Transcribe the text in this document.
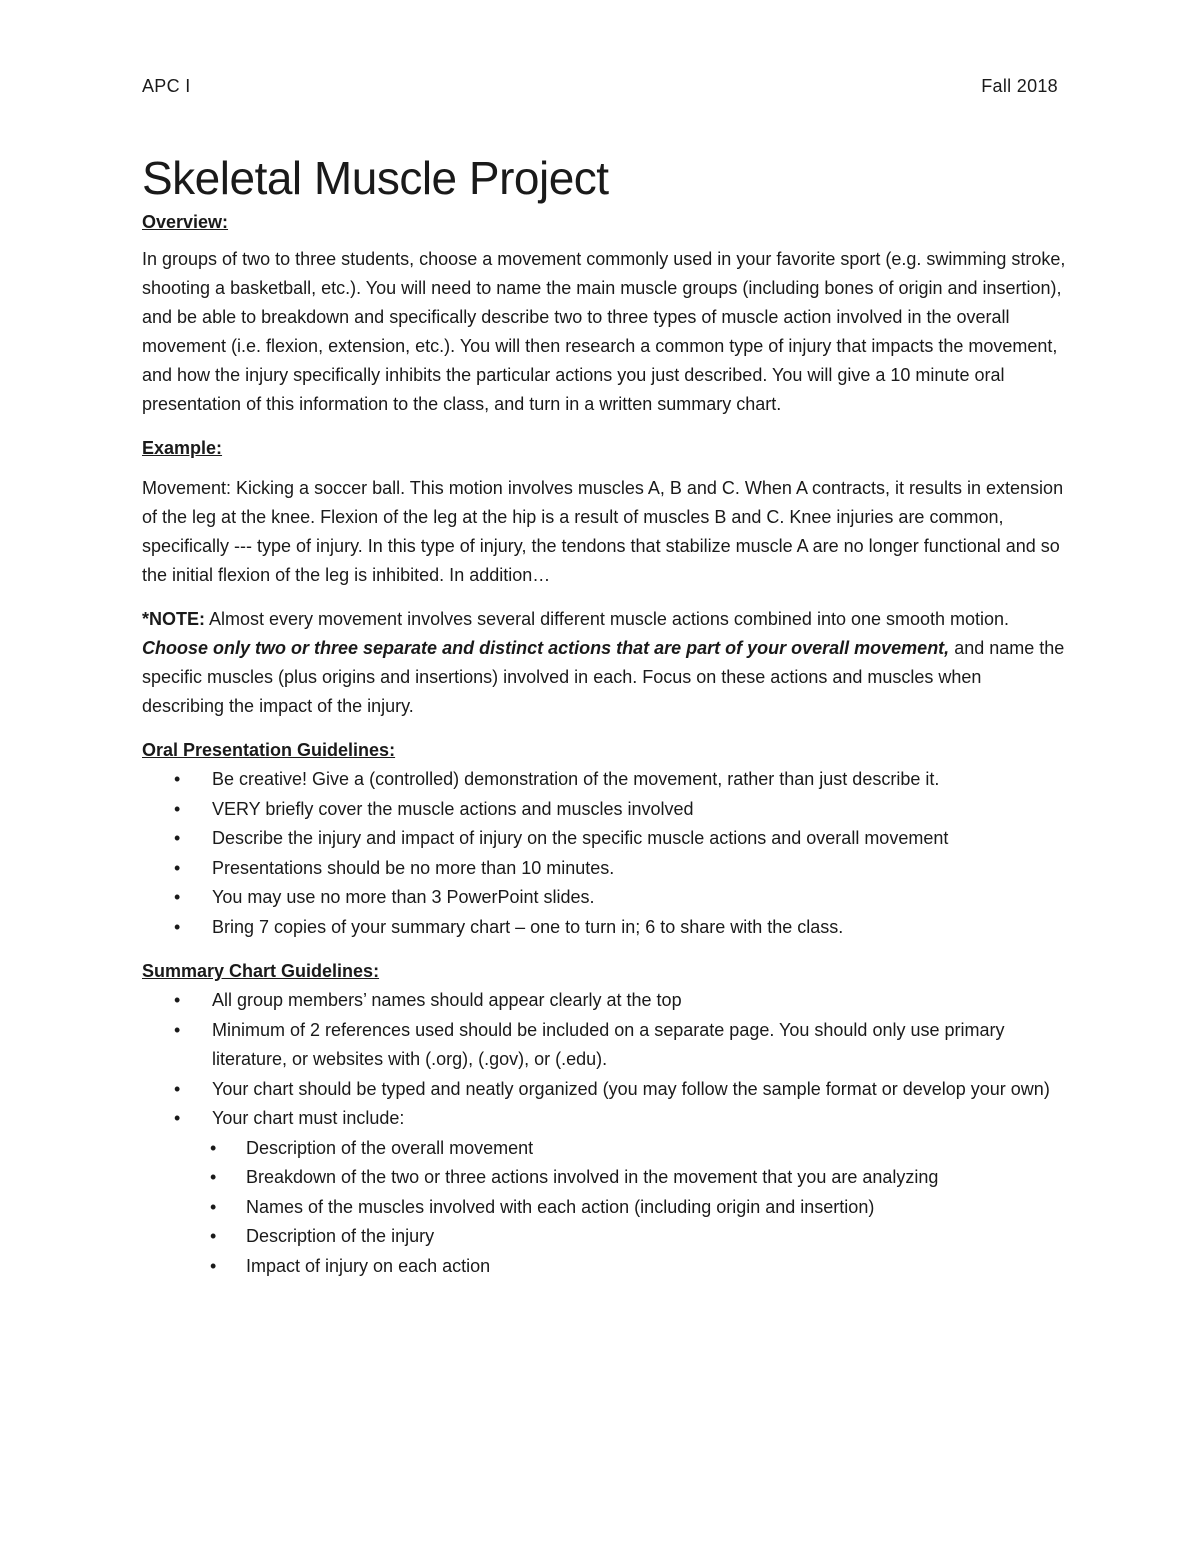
APC I	Fall 2018
Skeletal Muscle Project

Overview:

In groups of two to three students, choose a movement commonly used in your favorite sport (e.g. swimming stroke, shooting a basketball, etc.). You will need to name the main muscle groups (including bones of origin and insertion), and be able to breakdown and specifically describe two to three types of muscle action involved in the overall movement (i.e. flexion, extension, etc.). You will then research a common type of injury that impacts the movement, and how the injury specifically inhibits the particular actions you just described. You will give a 10 minute oral presentation of this information to the class, and turn in a written summary chart.

Example:

Movement: Kicking a soccer ball. This motion involves muscles A, B and C. When A contracts, it results in extension of the leg at the knee. Flexion of the leg at the hip is a result of muscles B and C. Knee injuries are common, specifically --- type of injury. In this type of injury, the tendons that stabilize muscle A are no longer functional and so the initial flexion of the leg is inhibited. In addition…

*NOTE: Almost every movement involves several different muscle actions combined into one smooth motion. Choose only two or three separate and distinct actions that are part of your overall movement, and name the specific muscles (plus origins and insertions) involved in each. Focus on these actions and muscles when describing the impact of the injury.

Oral Presentation Guidelines:

• Be creative! Give a (controlled) demonstration of the movement, rather than just describe it.
• VERY briefly cover the muscle actions and muscles involved
• Describe the injury and impact of injury on the specific muscle actions and overall movement
• Presentations should be no more than 10 minutes.
• You may use no more than 3 PowerPoint slides.
• Bring 7 copies of your summary chart – one to turn in; 6 to share with the class.

Summary Chart Guidelines:

• All group members’ names should appear clearly at the top
• Minimum of 2 references used should be included on a separate page. You should only use primary literature, or websites with (.org), (.gov), or (.edu).
• Your chart should be typed and neatly organized (you may follow the sample format or develop your own)
• Your chart must include:
• Description of the overall movement
• Breakdown of the two or three actions involved in the movement that you are analyzing
• Names of the muscles involved with each action (including origin and insertion)
• Description of the injury
• Impact of injury on each action
